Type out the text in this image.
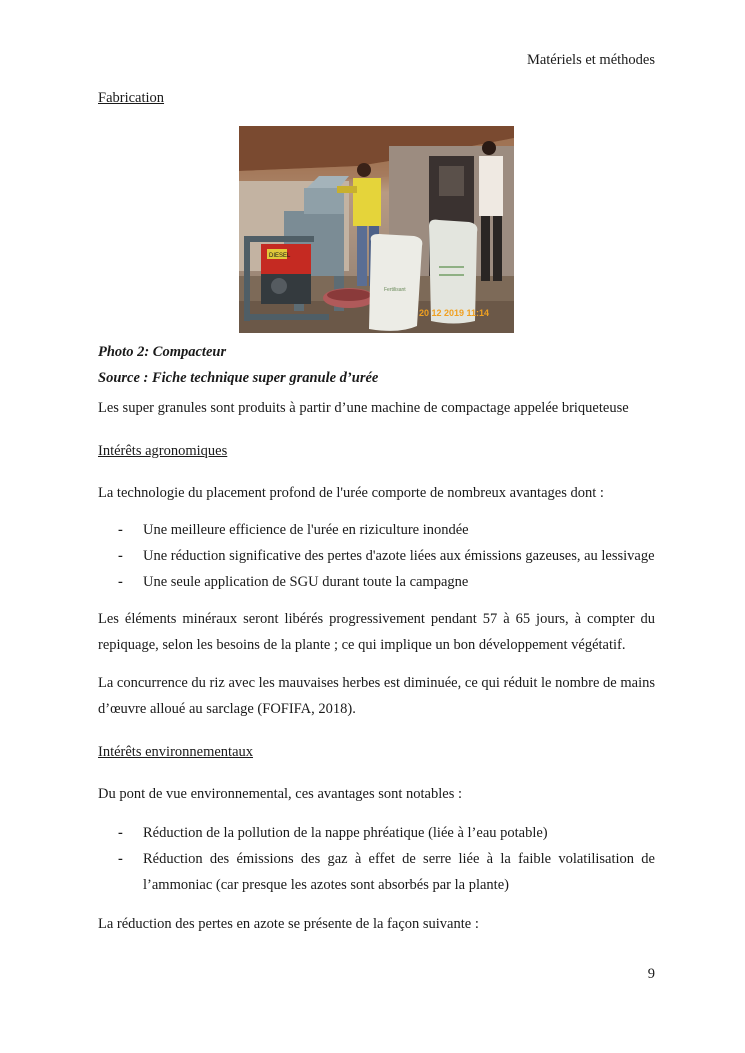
Matériels et méthodes

Fabrication

DIESEL
Fertilisant
20 12 2019 11:14

Photo 2: Compacteur

Source : Fiche technique super granule d’urée

Les super granules sont produits à partir d’une machine de compactage appelée briqueteuse

Intérêts agronomiques

La technologie du placement profond de l'urée comporte de nombreux avantages dont :

- Une meilleure efficience de l'urée en riziculture inondée
- Une réduction significative des pertes d'azote liées aux émissions gazeuses, au lessivage
- Une seule application de SGU durant toute la campagne

Les éléments minéraux seront libérés progressivement pendant 57 à 65 jours, à compter du repiquage, selon les besoins de la plante ; ce qui implique un bon développement végétatif.

La concurrence du riz avec les mauvaises herbes est diminuée, ce qui réduit le nombre de mains d’œuvre alloué au sarclage (FOFIFA, 2018).

Intérêts environnementaux

Du pont de vue environnemental, ces avantages sont notables :

- Réduction de la pollution de la nappe phréatique (liée à l’eau potable)
- Réduction des émissions des gaz à effet de serre liée à la faible volatilisation de l’ammoniac (car presque les azotes sont absorbés par la plante)

La réduction des pertes en azote se présente de la façon suivante :

9
